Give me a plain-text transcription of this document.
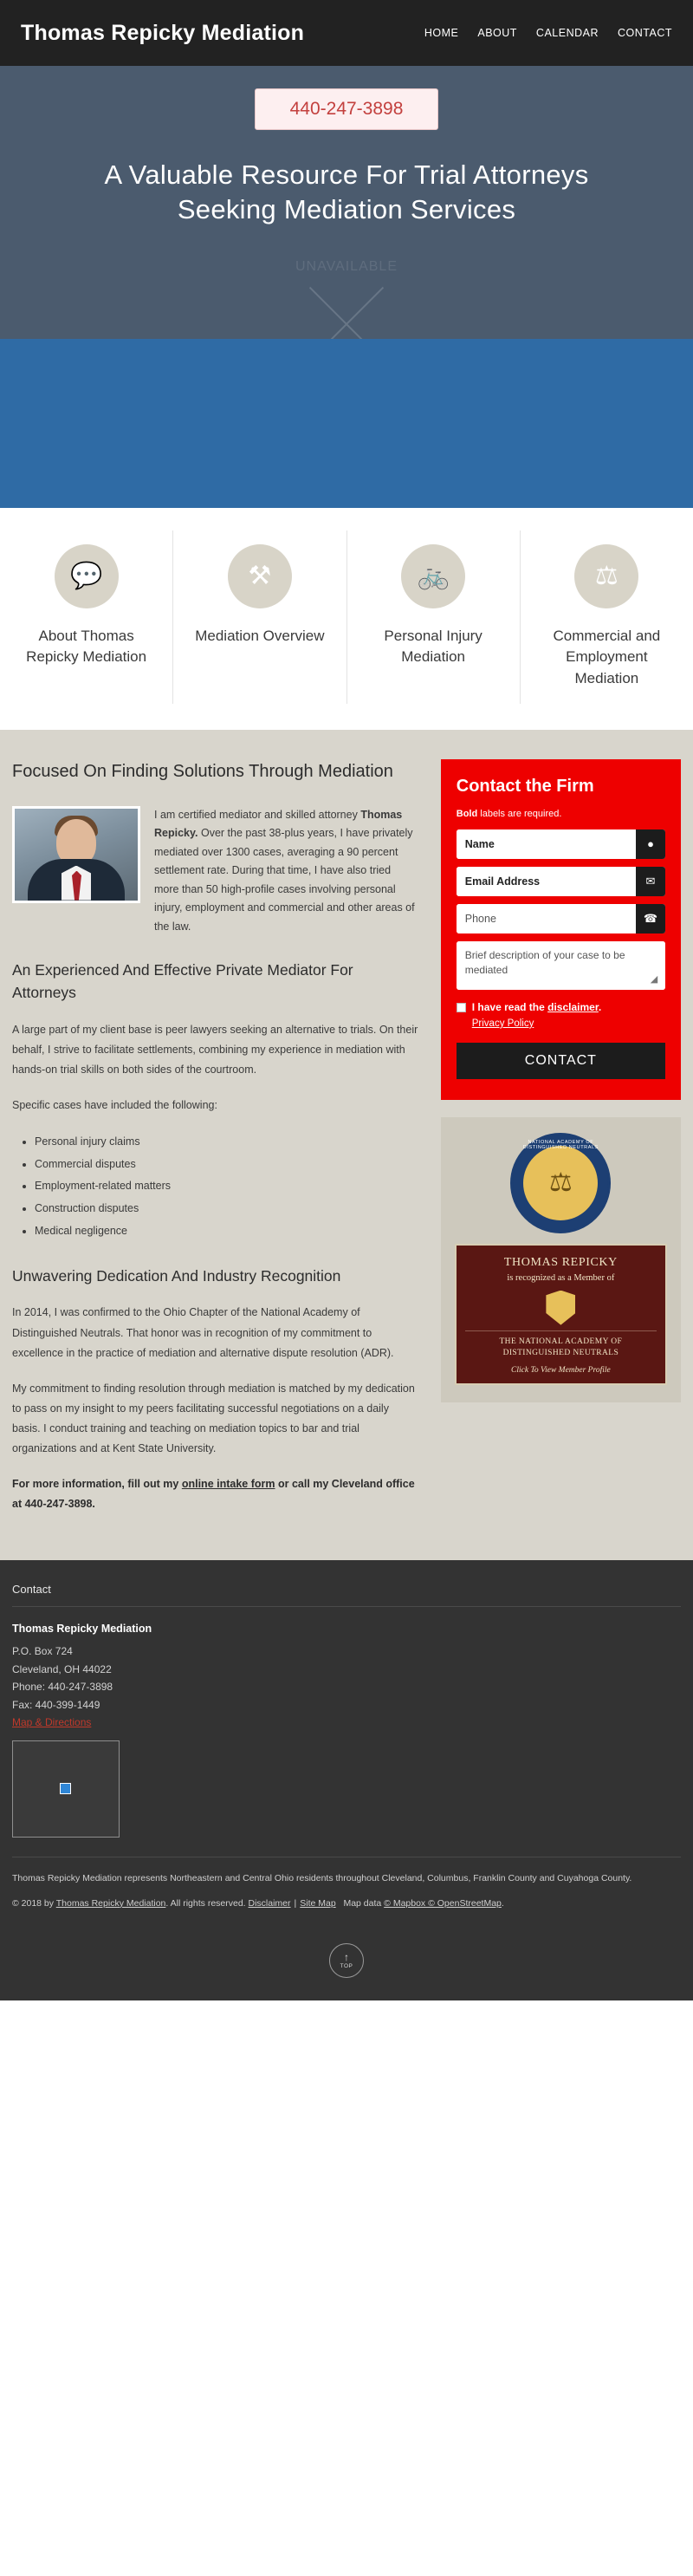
Thomas Repicky Mediation	HOME ABOUT CALENDAR CONTACT
440-247-3898
A Valuable Resource For Trial Attorneys Seeking Mediation Services
UNAVAILABLE
💬
About Thomas Repicky Mediation
⚒
Mediation Overview
🚲
Personal Injury Mediation
⚖
Commercial and Employment Mediation
Focused On Finding Solutions Through Mediation
I am certified mediator and skilled attorney Thomas Repicky. Over the past 38-plus years, I have privately mediated over 1300 cases, averaging a 90 percent settlement rate. During that time, I have also tried more than 50 high-profile cases involving personal injury, employment and commercial and other areas of the law.
An Experienced And Effective Private Mediator For Attorneys

A large part of my client base is peer lawyers seeking an alternative to trials. On their behalf, I strive to facilitate settlements, combining my experience in mediation with hands-on trial skills on both sides of the courtroom.

Specific cases have included the following:

• Personal injury claims
• Commercial disputes
• Employment-related matters
• Construction disputes
• Medical negligence
Unwavering Dedication And Industry Recognition

In 2014, I was confirmed to the Ohio Chapter of the National Academy of Distinguished Neutrals. That honor was in recognition of my commitment to excellence in the practice of mediation and alternative dispute resolution (ADR).

My commitment to finding resolution through mediation is matched by my dedication to pass on my insight to my peers facilitating successful negotiations on a daily basis. I conduct training and teaching on mediation topics to bar and trial organizations and at Kent State University.

For more information, fill out my online intake form or call my Cleveland office at 440-247-3898.

Contact the Firm
Bold labels are required.
Name
●
Email Address
✉
Phone
☎
Brief description of your case to be mediated
◢
I have read the disclaimer.
Privacy Policy
CONTACT
NATIONAL ACADEMY OF DISTINGUISHED NEUTRALS
⚖
THOMAS REPICKY
is recognized as a Member of
THE NATIONAL ACADEMY OF DISTINGUISHED NEUTRALS
Click To View Member Profile
Contact
Thomas Repicky Mediation
P.O. Box 724
Cleveland, OH 44022
Phone: 440-247-3898
Fax: 440-399-1449
Map & Directions
Thomas Repicky Mediation represents Northeastern and Central Ohio residents throughout Cleveland, Columbus, Franklin County and Cuyahoga County.
© 2018 by Thomas Repicky Mediation. All rights reserved. Disclaimer | Site Map Map data © Mapbox © OpenStreetMap.
↑
TOP
